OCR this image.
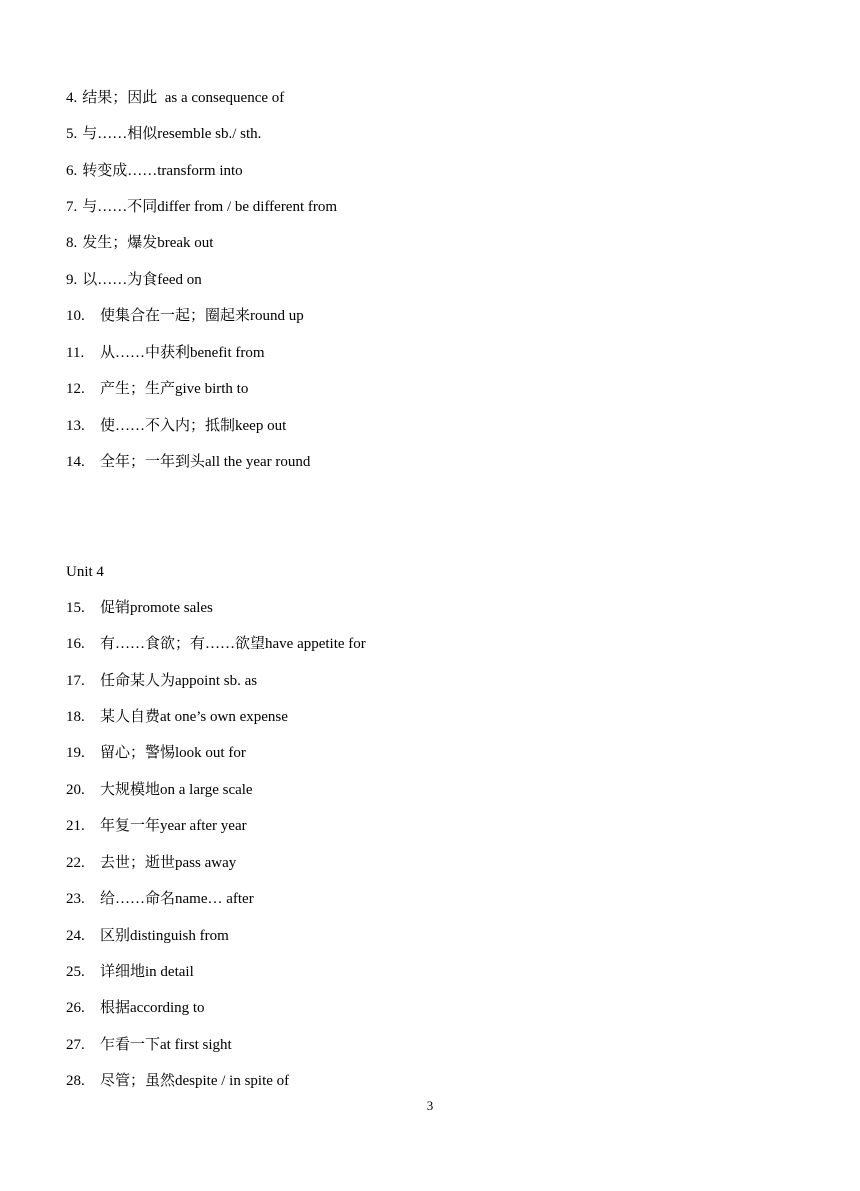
4. 结果；因此  as a consequence of
5. 与……相似resemble sb./ sth.
6. 转变成……transform into
7. 与……不同differ from / be different from
8. 发生；爆发break out
9. 以……为食feed on
10. 使集合在一起；圈起来round up
11. 从……中获利benefit from
12. 产生；生产give birth to
13. 使……不入内；抵制keep out
14. 全年；一年到头all the year round
Unit 4
15. 促销promote sales
16. 有……食欲；有……欲望have appetite for
17. 任命某人为appoint sb. as
18. 某人自费at one’s own expense
19. 留心；警惕look out for
20. 大规模地on a large scale
21. 年复一年year after year
22. 去世；逝世pass away
23. 给……命名name… after
24. 区别distinguish from
25. 详细地in detail
26. 根据according to
27. 乍看一下at first sight
28. 尽管；虽然despite / in spite of
3
